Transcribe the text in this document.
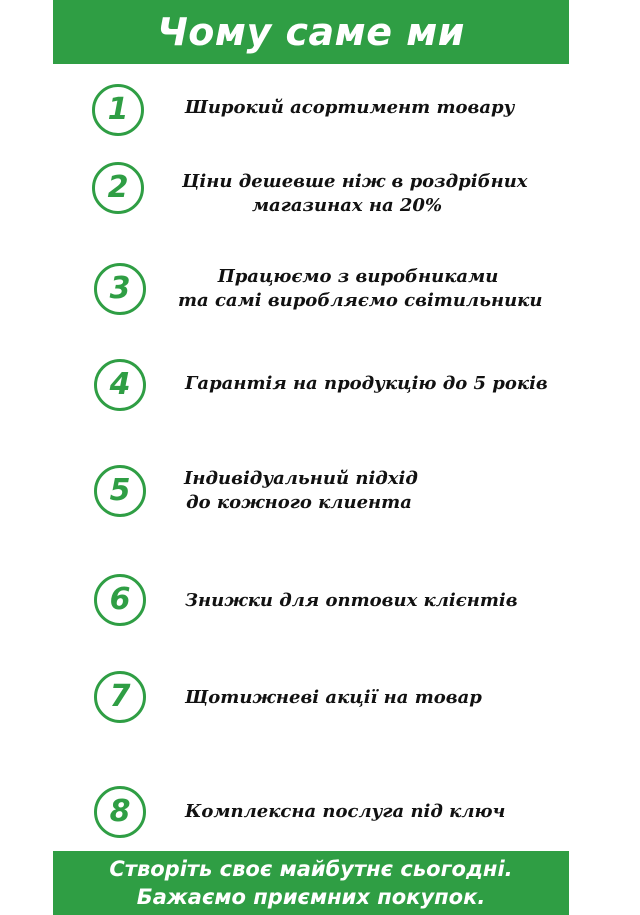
Чому саме ми
1	Широкий асортимент товару
2	Ціни дешевше ніж в роздрібних
магазинах на 20%
3	Працюємо з виробниками
та самі виробляємо світильники
4	Гарантія на продукцію до 5 років
5	Індивідуальний підхід
до кожного клиента
6	Знижки для оптових клієнтів
7	Щотижневі акції на товар
8	Комплексна послуга під ключ
Створіть своє майбутнє сьогодні.
Бажаємо приємних покупок.
